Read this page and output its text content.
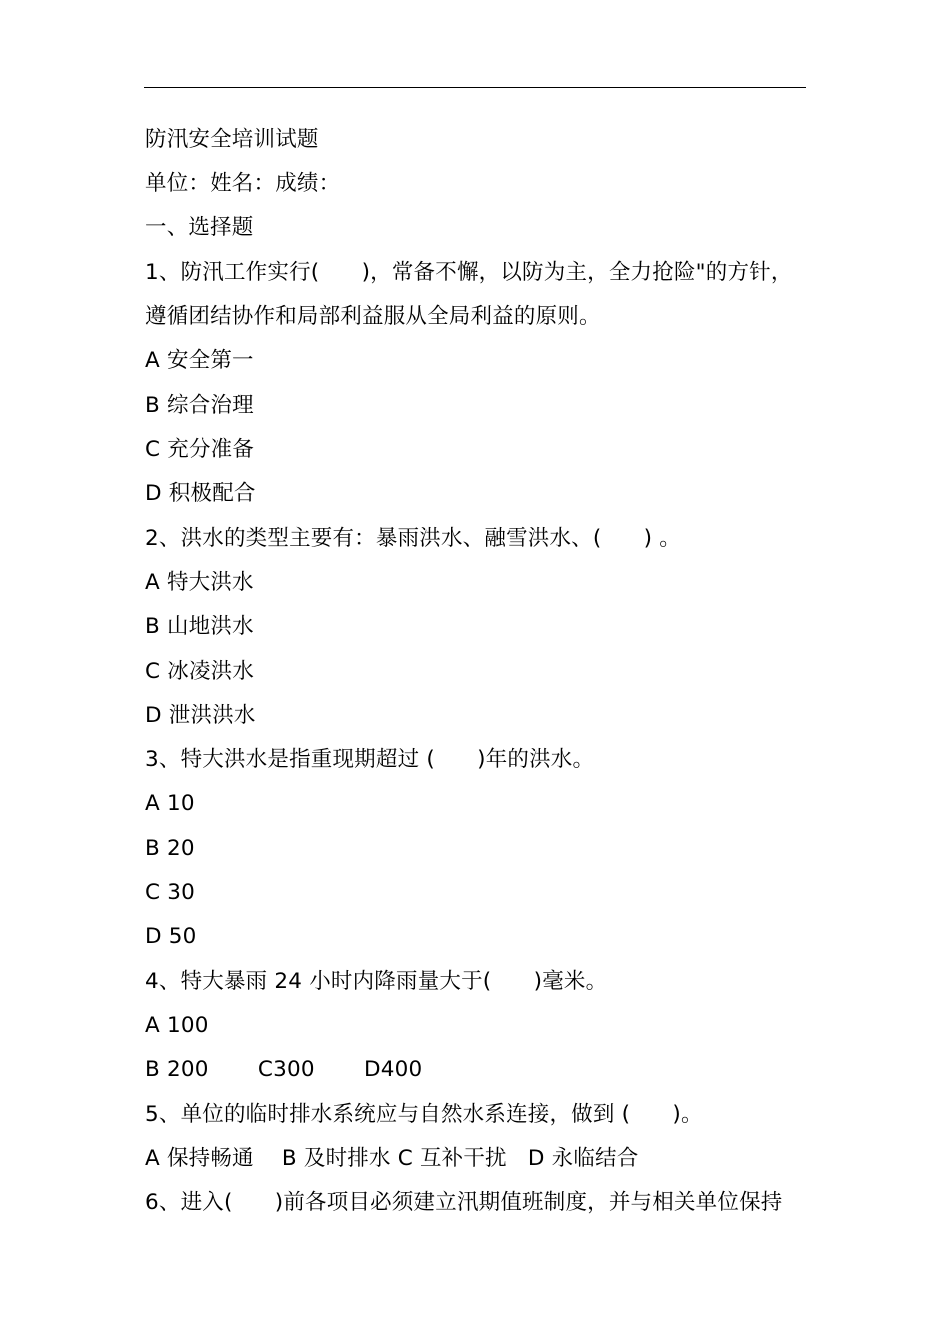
防汛安全培训试题
单位：姓名：成绩：
一、选择题
1、防汛工作实行(      )，常备不懈，以防为主，全力抢险"的方针，
遵循团结协作和局部利益服从全局利益的原则。
A 安全第一
B 综合治理
C 充分准备
D 积极配合
2、洪水的类型主要有：暴雨洪水、融雪洪水、(      ) 。
A 特大洪水
B 山地洪水
C 冰凌洪水
D 泄洪洪水
3、特大洪水是指重现期超过 (      )年的洪水。
A 10
B 20
C 30
D 50
4、特大暴雨 24 小时内降雨量大于(      )毫米。
A 100
B 200       C300       D400
5、单位的临时排水系统应与自然水系连接，做到 (      )。
A 保持畅通    B 及时排水 C 互补干扰   D 永临结合
6、进入(      )前各项目必须建立汛期值班制度，并与相关单位保持
